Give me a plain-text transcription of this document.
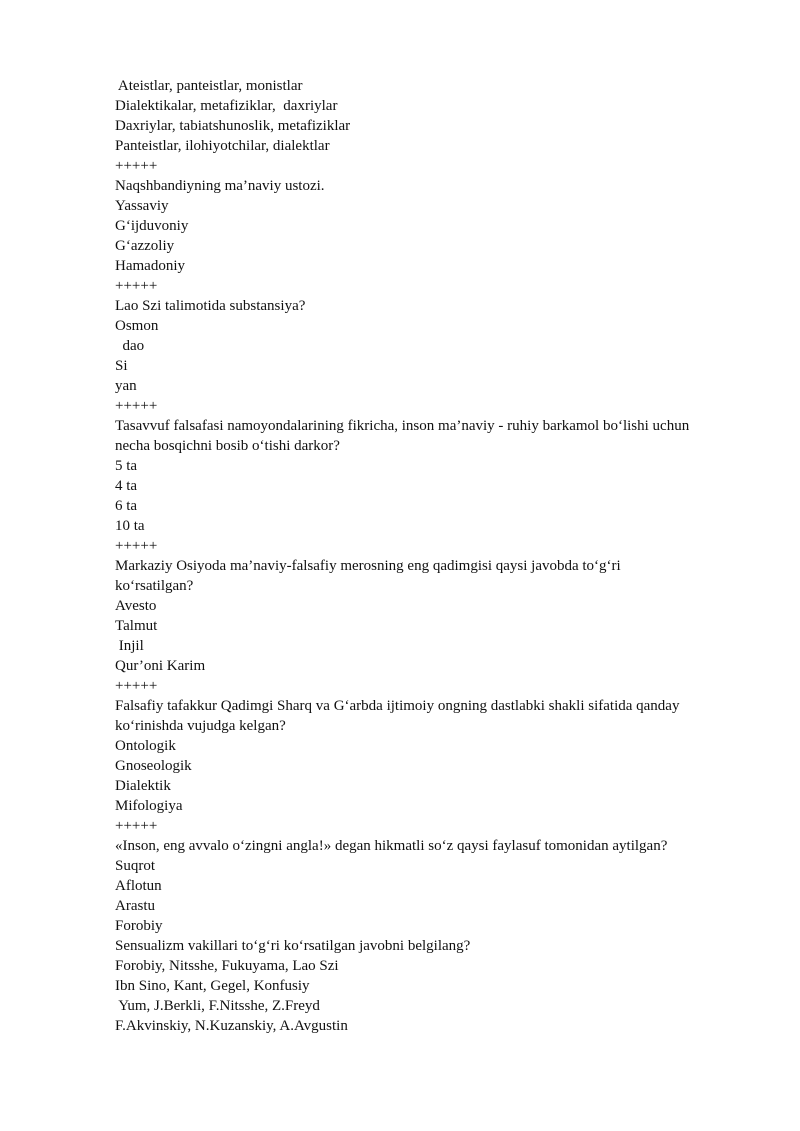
Ateistlar, panteistlar, monistlar
Dialektikalar, metafiziklar,  daxriylar
Daxriylar, tabiatshunoslik, metafiziklar
Panteistlar, ilohiyotchilar, dialektlar
+++++
Naqshbandiyning ma’naviy ustozi.
Yassaviy
G‘ijduvoniy
G‘azzoliy
Hamadoniy
+++++
Lao Szi talimotida substansiya?
Osmon
dao
Si
yan
+++++
Tasavvuf falsafasi namoyondalarining fikricha, inson ma’naviy - ruhiy barkamol bo‘lishi uchun
necha bosqichni bosib o‘tishi darkor?
5 ta
4 ta
6 ta
10 ta
+++++
Markaziy Osiyoda ma’naviy-falsafiy merosning eng qadimgisi qaysi javobda to‘g‘ri
ko‘rsatilgan?
Avesto
Talmut
Injil
Qur’oni Karim
+++++
Falsafiy tafakkur Qadimgi Sharq va G‘arbda ijtimoiy ongning dastlabki shakli sifatida qanday
ko‘rinishda vujudga kelgan?
Ontologik
Gnoseologik
Dialektik
Mifologiya
+++++
«Inson, eng avvalo o‘zingni angla!» degan hikmatli so‘z qaysi faylasuf tomonidan aytilgan?
Suqrot
Aflotun
Arastu
Forobiy
Sensualizm vakillari to‘g‘ri ko‘rsatilgan javobni belgilang?
Forobiy, Nitsshe, Fukuyama, Lao Szi
Ibn Sino, Kant, Gegel, Konfusiy
Yum, J.Berkli, F.Nitsshe, Z.Freyd
F.Akvinskiy, N.Kuzanskiy, A.Avgustin
